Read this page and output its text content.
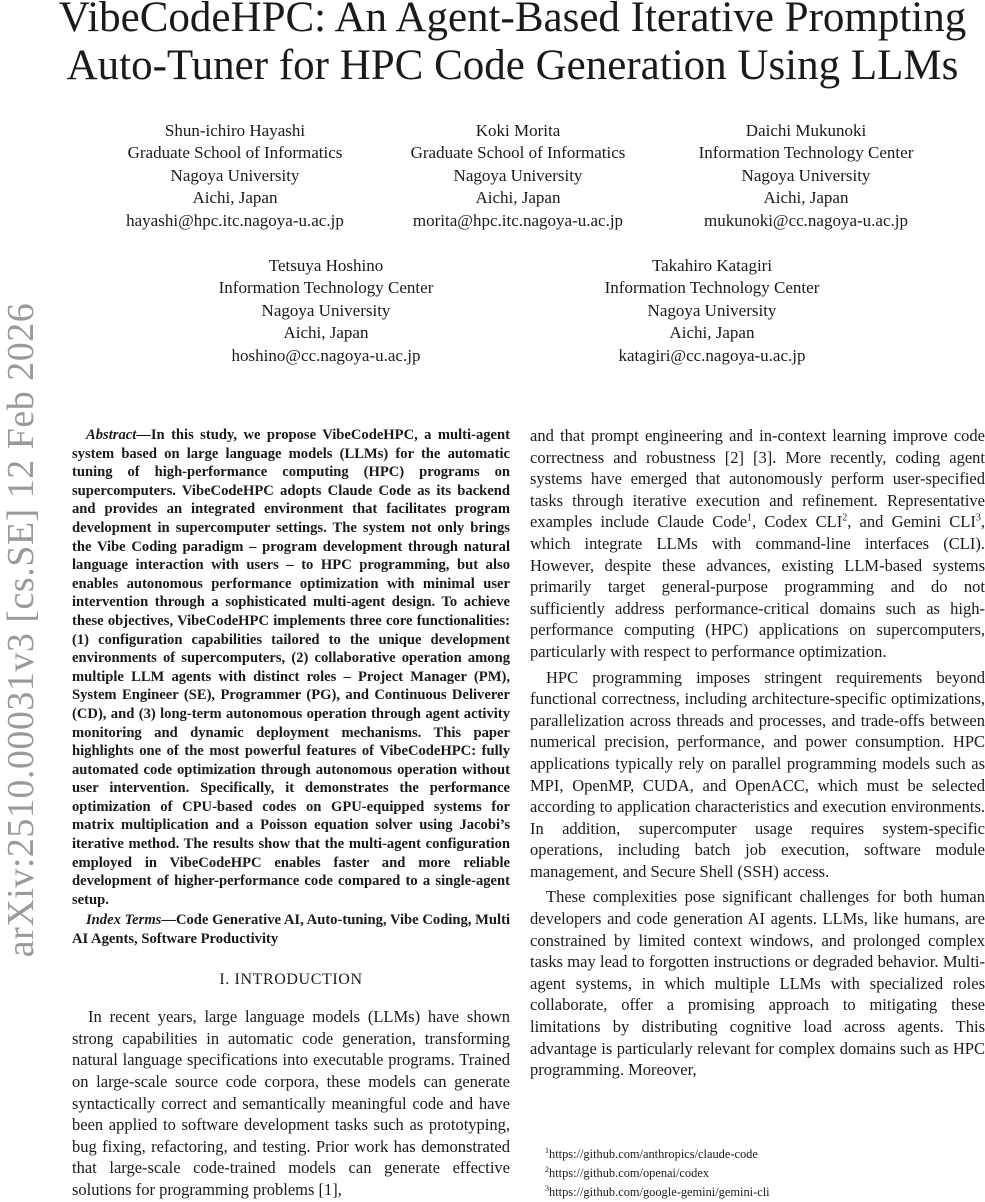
arXiv:2510.00031v3 [cs.SE] 12 Feb 2026
VibeCodeHPC: An Agent-Based Iterative Prompting
Auto-Tuner for HPC Code Generation Using LLMs
Shun-ichiro Hayashi
Graduate School of Informatics
Nagoya University
Aichi, Japan
hayashi@hpc.itc.nagoya-u.ac.jp
Koki Morita
Graduate School of Informatics
Nagoya University
Aichi, Japan
morita@hpc.itc.nagoya-u.ac.jp
Daichi Mukunoki
Information Technology Center
Nagoya University
Aichi, Japan
mukunoki@cc.nagoya-u.ac.jp
Tetsuya Hoshino
Information Technology Center
Nagoya University
Aichi, Japan
hoshino@cc.nagoya-u.ac.jp
Takahiro Katagiri
Information Technology Center
Nagoya University
Aichi, Japan
katagiri@cc.nagoya-u.ac.jp

Abstract—In this study, we propose VibeCodeHPC, a multi-agent system based on large language models (LLMs) for the automatic tuning of high-performance computing (HPC) programs on supercomputers. VibeCodeHPC adopts Claude Code as its backend and provides an integrated environment that facilitates program development in supercomputer settings. The system not only brings the Vibe Coding paradigm – program development through natural language interaction with users – to HPC programming, but also enables autonomous performance optimization with minimal user intervention through a sophisticated multi-agent design. To achieve these objectives, VibeCodeHPC implements three core functionalities: (1) configuration capabilities tailored to the unique development environments of supercomputers, (2) collaborative operation among multiple LLM agents with distinct roles – Project Manager (PM), System Engineer (SE), Programmer (PG), and Continuous Deliverer (CD), and (3) long-term autonomous operation through agent activity monitoring and dynamic deployment mechanisms. This paper highlights one of the most powerful features of VibeCodeHPC: fully automated code optimization through autonomous operation without user intervention. Specifically, it demonstrates the performance optimization of CPU-based codes on GPU-equipped systems for matrix multiplication and a Poisson equation solver using Jacobi’s iterative method. The results show that the multi-agent configuration employed in VibeCodeHPC enables faster and more reliable development of higher-performance code compared to a single-agent setup.

Index Terms—Code Generative AI, Auto-tuning, Vibe Coding, Multi AI Agents, Software Productivity

I. INTRODUCTION

In recent years, large language models (LLMs) have shown strong capabilities in automatic code generation, transforming natural language specifications into executable programs. Trained on large-scale source code corpora, these models can generate syntactically correct and semantically meaningful code and have been applied to software development tasks such as prototyping, bug fixing, refactoring, and testing. Prior work has demonstrated that large-scale code-trained models can generate effective solutions for programming problems [1],

and that prompt engineering and in-context learning improve code correctness and robustness [2] [3]. More recently, coding agent systems have emerged that autonomously perform user-specified tasks through iterative execution and refinement. Representative examples include Claude Code$^1$, Codex CLI$^2$, and Gemini CLI$^3$, which integrate LLMs with command-line interfaces (CLI). However, despite these advances, existing LLM-based systems primarily target general-purpose programming and do not sufficiently address performance-critical domains such as high-performance computing (HPC) applications on supercomputers, particularly with respect to performance optimization.

HPC programming imposes stringent requirements beyond functional correctness, including architecture-specific optimizations, parallelization across threads and processes, and trade-offs between numerical precision, performance, and power consumption. HPC applications typically rely on parallel programming models such as MPI, OpenMP, CUDA, and OpenACC, which must be selected according to application characteristics and execution environments. In addition, supercomputer usage requires system-specific operations, including batch job execution, software module management, and Secure Shell (SSH) access.

These complexities pose significant challenges for both human developers and code generation AI agents. LLMs, like humans, are constrained by limited context windows, and prolonged complex tasks may lead to forgotten instructions or degraded behavior. Multi-agent systems, in which multiple LLMs with specialized roles collaborate, offer a promising approach to mitigating these limitations by distributing cognitive load across agents. This advantage is particularly relevant for complex domains such as HPC programming. Moreover,

$^1$https://github.com/anthropics/claude-code
$^2$https://github.com/openai/codex
$^3$https://github.com/google-gemini/gemini-cli
